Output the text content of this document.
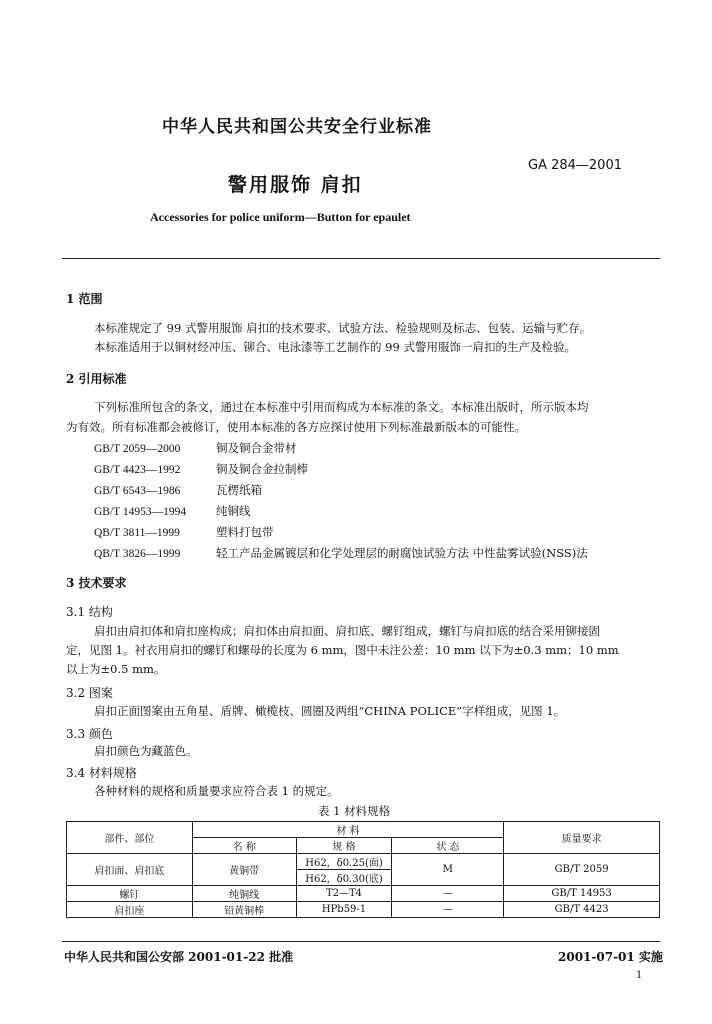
中华人民共和国公共安全行业标准
GA 284—2001
警用服饰 肩扣
Accessories for police uniform—Button for epaulet
1 范围
本标准规定了 99 式警用服饰 肩扣的技术要求、试验方法、检验规则及标志、包装、运输与贮存。
本标准适用于以铜材经冲压、铆合、电泳漆等工艺制作的 99 式警用服饰一肩扣的生产及检验。
2 引用标准
下列标准所包含的条文，通过在本标准中引用而构成为本标准的条文。本标准出版时，所示版本均
为有效。所有标准都会被修订，使用本标准的各方应探讨使用下列标准最新版本的可能性。
GB/T 2059—2000	铜及铜合金带材
GB/T 4423—1992	铜及铜合金拉制棒
GB/T 6543—1986	瓦楞纸箱
GB/T 14953—1994	纯铜线
QB/T 3811—1999	塑料打包带
QB/T 3826—1999	轻工产品金属镀层和化学处理层的耐腐蚀试验方法 中性盐雾试验(NSS)法
3 技术要求
3.1 结构
肩扣由肩扣体和肩扣座构成；肩扣体由肩扣面、肩扣底、螺钉组成，螺钉与肩扣底的结合采用铆接固
定，见图 1。衬衣用肩扣的螺钉和螺母的长度为 6 mm，图中未注公差：10 mm 以下为±0.3 mm；10 mm
以上为±0.5 mm。
3.2 图案
肩扣正面图案由五角星、盾牌、橄榄枝、圆圈及两组“CHINA POLICE”字样组成，见图 1。
3.3 颜色
肩扣颜色为藏蓝色。
3.4 材料规格
各种材料的规格和质量要求应符合表 1 的规定。
表 1 材料规格
部件、部位	材 料			质量要求
	名 称	规 格	状 态	
肩扣面、肩扣底	黄铜带	H62，δ0.25(面)	M	GB/T 2059
		H62，δ0.30(底)		
螺钉	纯铜线	T2—T4	—	GB/T 14953
肩扣座	铅黄铜棒	HPb59-1	—	GB/T 4423
中华人民共和国公安部 2001-01-22 批准	2001-07-01 实施
1
